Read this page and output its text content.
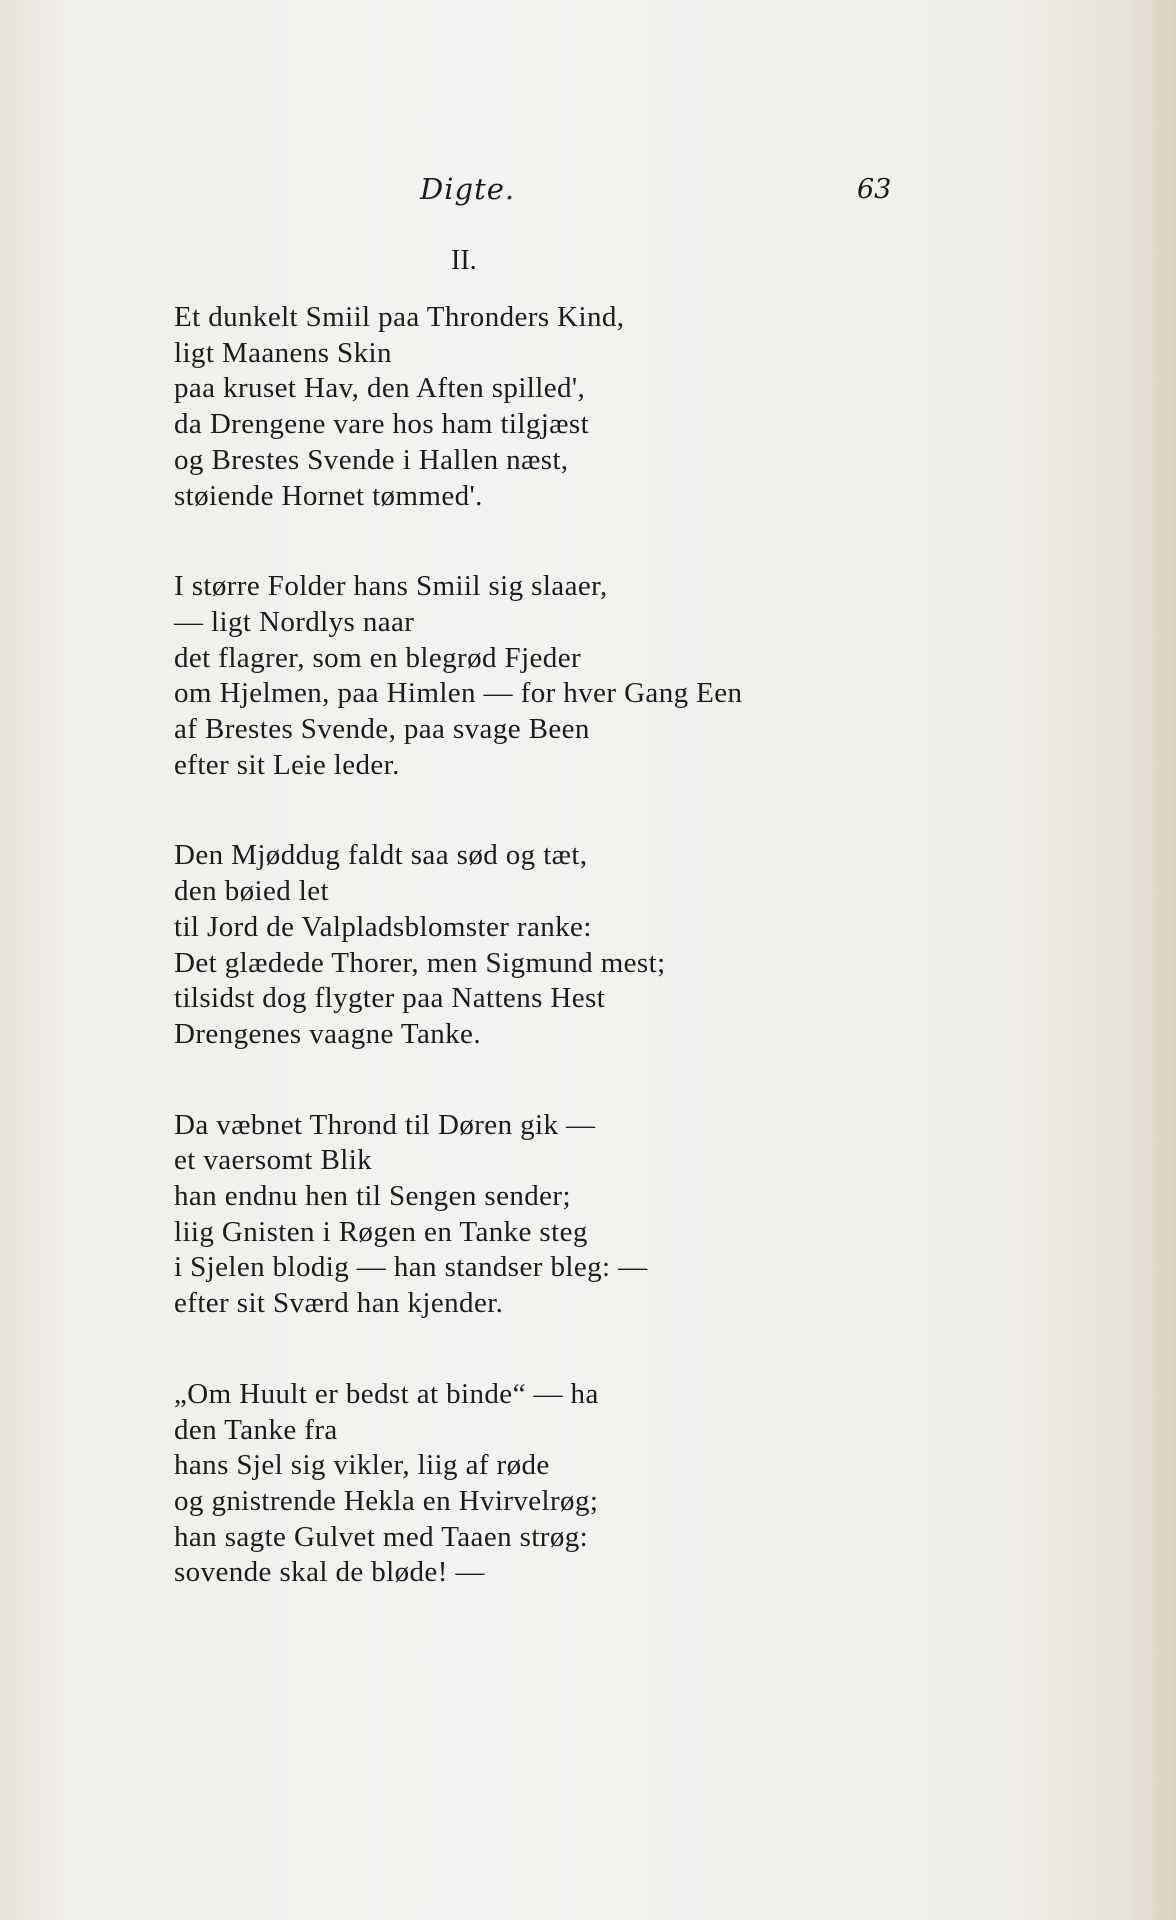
Digte.	63
II.
Et dunkelt Smiil paa Thronders Kind,
ligt Maanens Skin
paa kruset Hav, den Aften spilled',
da Drengene vare hos ham tilgjæst
og Brestes Svende i Hallen næst,
støiende Hornet tømmed'.
I større Folder hans Smiil sig slaaer,
— ligt Nordlys naar
det flagrer, som en blegrød Fjeder
om Hjelmen, paa Himlen — for hver Gang Een
af Brestes Svende, paa svage Been
efter sit Leie leder.
Den Mjøddug faldt saa sød og tæt,
den bøied let
til Jord de Valpladsblomster ranke:
Det glædede Thorer, men Sigmund mest;
tilsidst dog flygter paa Nattens Hest
Drengenes vaagne Tanke.
Da væbnet Thrond til Døren gik —
et vaersomt Blik
han endnu hen til Sengen sender;
liig Gnisten i Røgen en Tanke steg
i Sjelen blodig — han standser bleg: —
efter sit Sværd han kjender.
„Om Huult er bedst at binde“ — ha
den Tanke fra
hans Sjel sig vikler, liig af røde
og gnistrende Hekla en Hvirvelrøg;
han sagte Gulvet med Taaen strøg:
sovende skal de bløde! —
